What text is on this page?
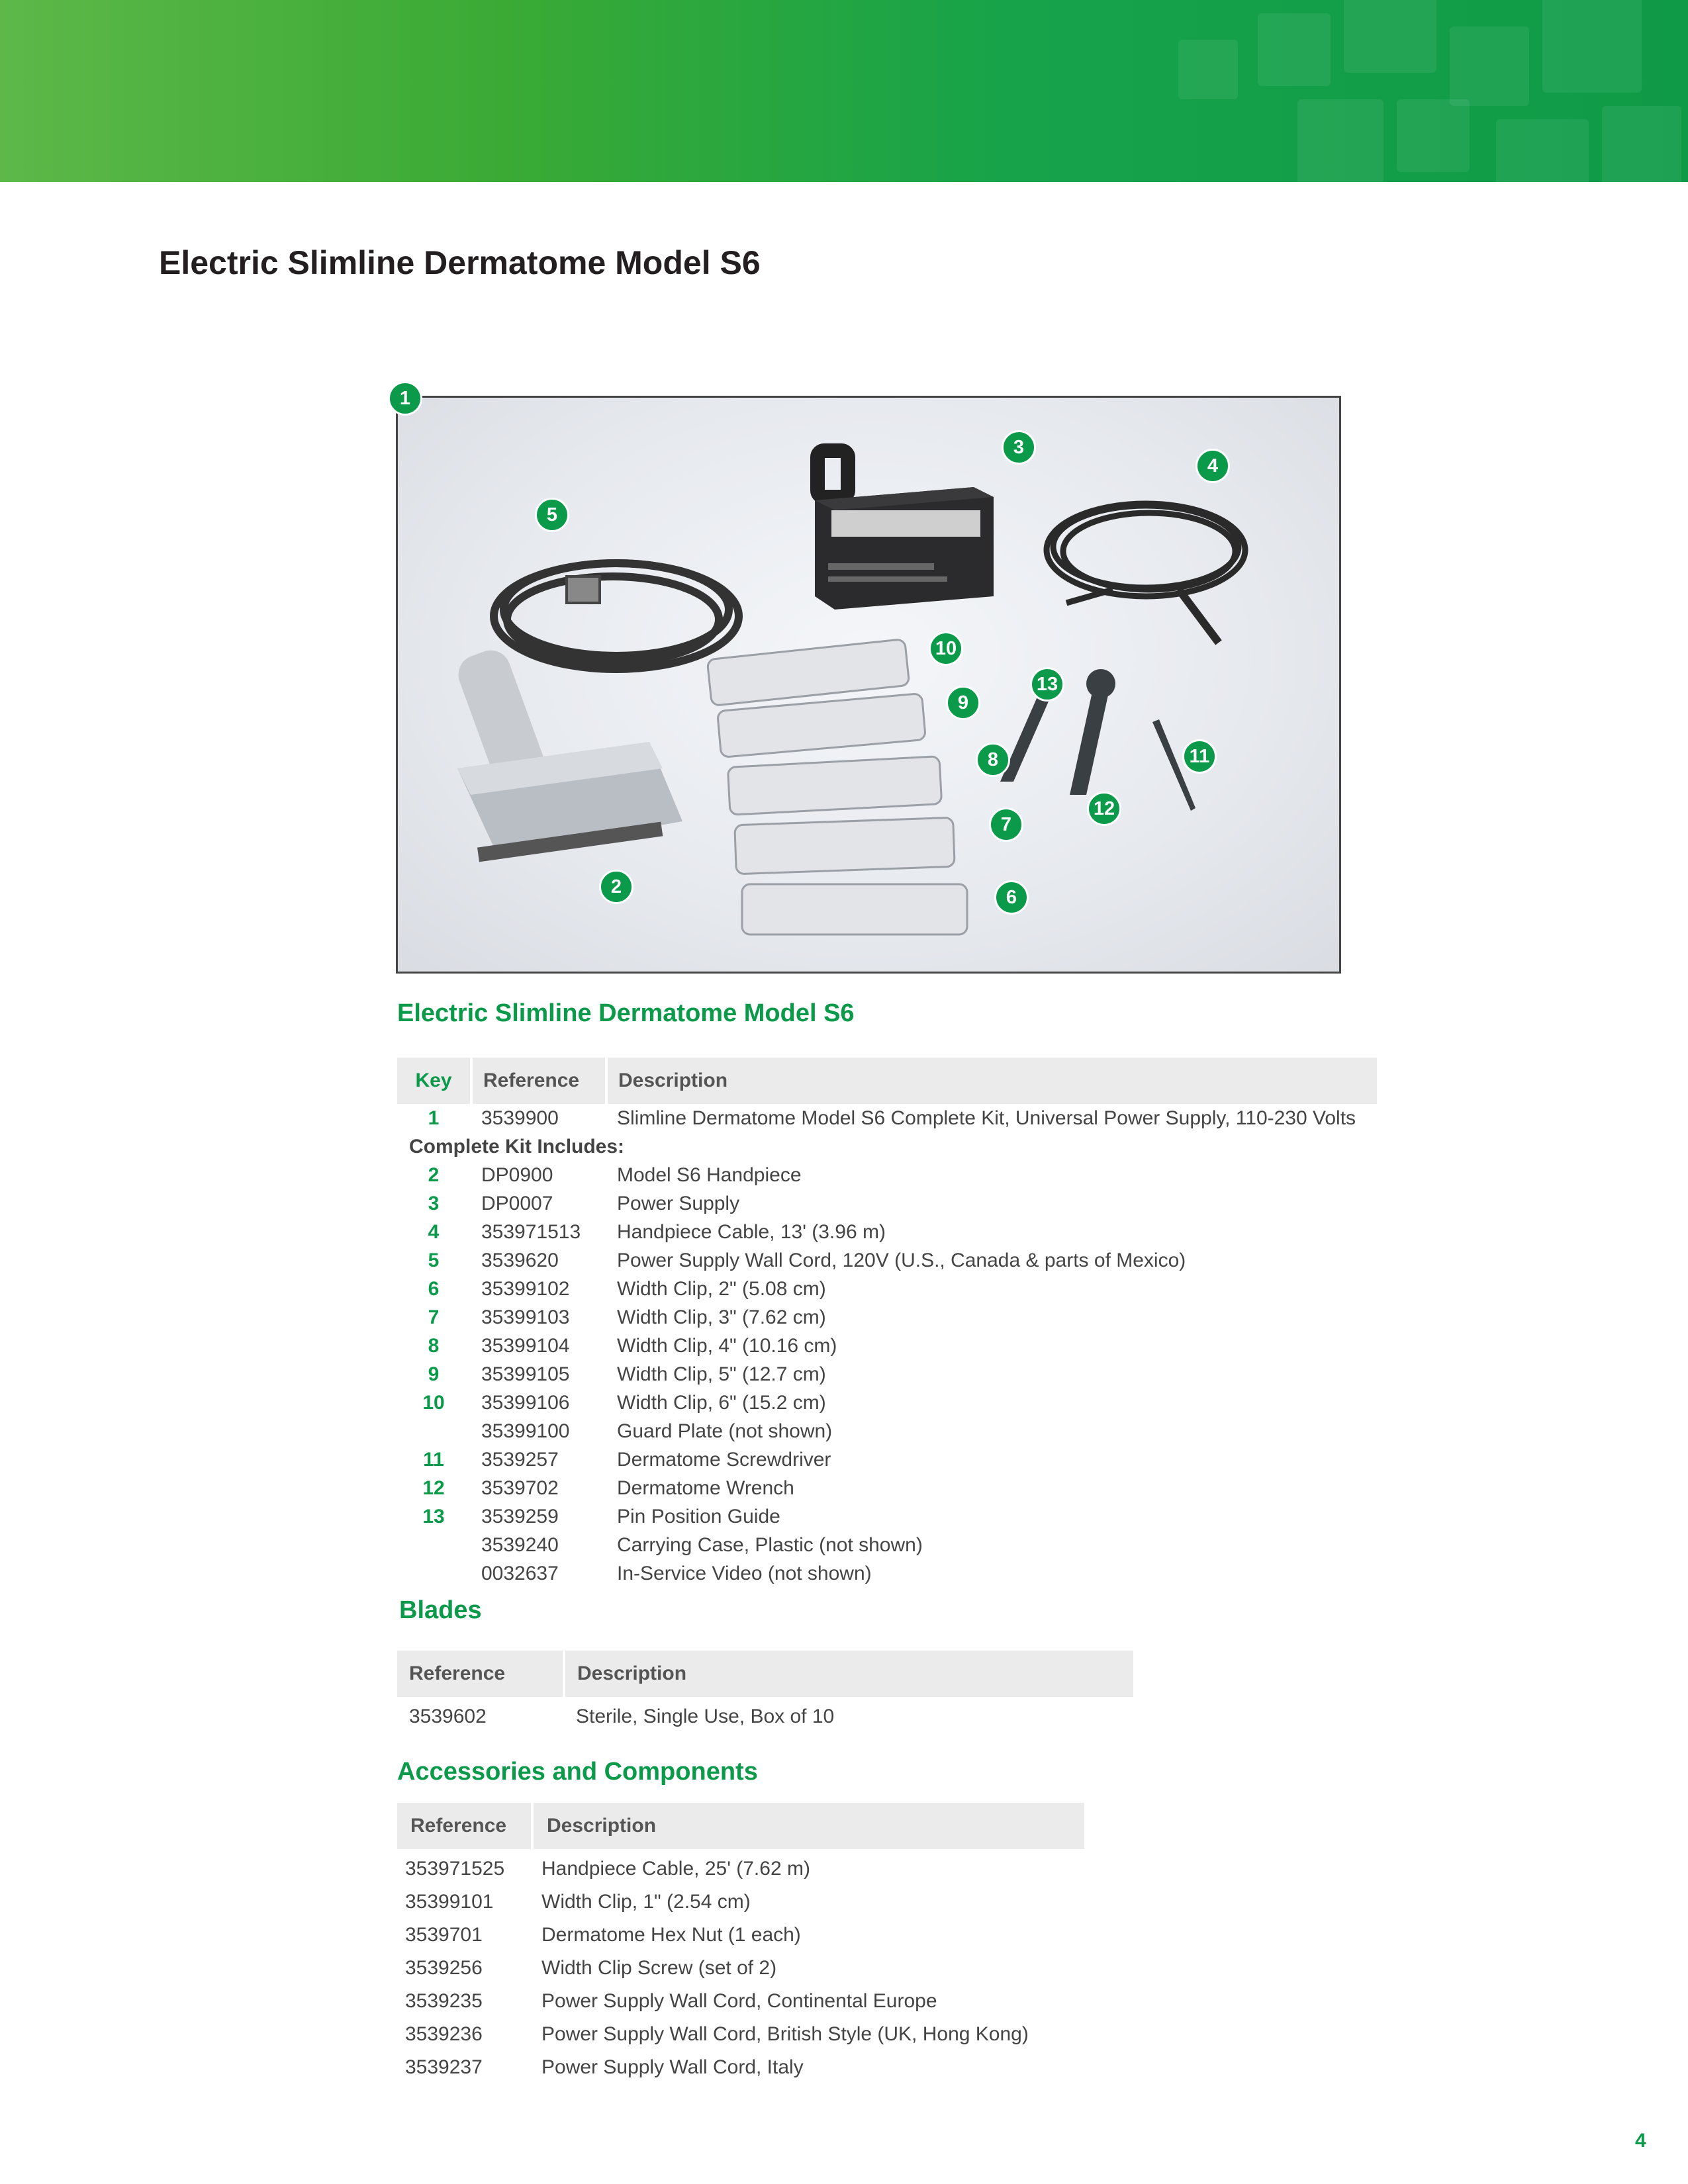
Electric Slimline Dermatome Model S6
1
2
3
4
5
6
7
8
9
10
11
12
13
Electric Slimline Dermatome Model S6
Key	Reference	Description
1	3539900	Slimline Dermatome Model S6 Complete Kit, Universal Power Supply, 110-230 Volts
Complete Kit Includes:
2	DP0900	Model S6 Handpiece
3	DP0007	Power Supply
4	353971513 Handpiece Cable, 13' (3.96 m)
5	3539620	Power Supply Wall Cord, 120V (U.S., Canada & parts of Mexico)
6	35399102 Width Clip, 2" (5.08 cm)
7	35399103 Width Clip, 3" (7.62 cm)
8	35399104 Width Clip, 4" (10.16 cm)
9	35399105 Width Clip, 5" (12.7 cm)
10	35399106 Width Clip, 6" (15.2 cm)
35399100 Guard Plate (not shown)
11	3539257	Dermatome Screwdriver
12	3539702	Dermatome Wrench
13	3539259	Pin Position Guide
3539240	Carrying Case, Plastic (not shown)
0032637	In-Service Video (not shown)
Blades
Reference	Description
3539602	Sterile, Single Use, Box of 10
Accessories and Components
Reference	Description
353971525 Handpiece Cable, 25' (7.62 m)
35399101 Width Clip, 1" (2.54 cm)
3539701	Dermatome Hex Nut (1 each)
3539256	Width Clip Screw (set of 2)
3539235	Power Supply Wall Cord, Continental Europe
3539236	Power Supply Wall Cord, British Style (UK, Hong Kong)
3539237	Power Supply Wall Cord, Italy
4
